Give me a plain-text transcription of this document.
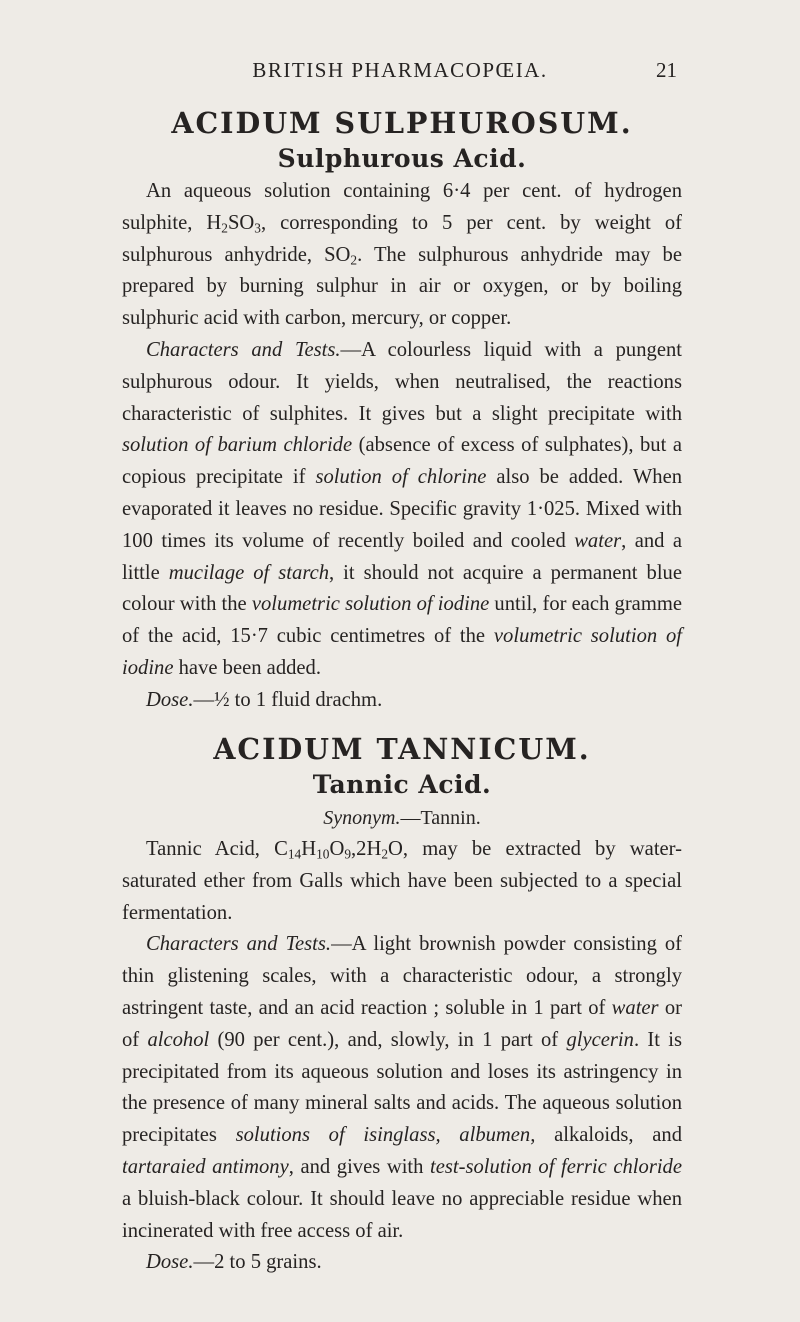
BRITISH PHARMACOPŒIA.	21
ACIDUM SULPHUROSUM.
Sulphurous Acid.

An aqueous solution containing 6·4 per cent. of hydrogen sulphite, $H_2SO_3$, corresponding to 5 per cent. by weight of sulphurous anhydride, $SO_2$. The sulphurous anhydride may be prepared by burning sulphur in air or oxygen, or by boiling sulphuric acid with carbon, mercury, or copper.

Characters and Tests.—A colourless liquid with a pungent sulphurous odour. It yields, when neutralised, the reactions characteristic of sulphites. It gives but a slight precipitate with solution of barium chloride (absence of excess of sulphates), but a copious precipitate if solution of chlorine also be added. When evaporated it leaves no residue. Specific gravity 1·025. Mixed with 100 times its volume of recently boiled and cooled water, and a little mucilage of starch, it should not acquire a permanent blue colour with the volumetric solution of iodine until, for each gramme of the acid, 15·7 cubic centimetres of the volumetric solution of iodine have been added.

Dose.—½ to 1 fluid drachm.

ACIDUM TANNICUM.
Tannic Acid.

Synonym.—Tannin.

Tannic Acid, $C_{14}H_{10}O_9,2H_2O$, may be extracted by water-saturated ether from Galls which have been subjected to a special fermentation.

Characters and Tests.—A light brownish powder consisting of thin glistening scales, with a characteristic odour, a strongly astringent taste, and an acid reaction ; soluble in 1 part of water or of alcohol (90 per cent.), and, slowly, in 1 part of glycerin. It is precipitated from its aqueous solution and loses its astringency in the presence of many mineral salts and acids. The aqueous solution precipitates solutions of isinglass, albumen, alkaloids, and tartaraied antimony, and gives with test-solution of ferric chloride a bluish-black colour. It should leave no appreciable residue when incinerated with free access of air.

Dose.—2 to 5 grains.
